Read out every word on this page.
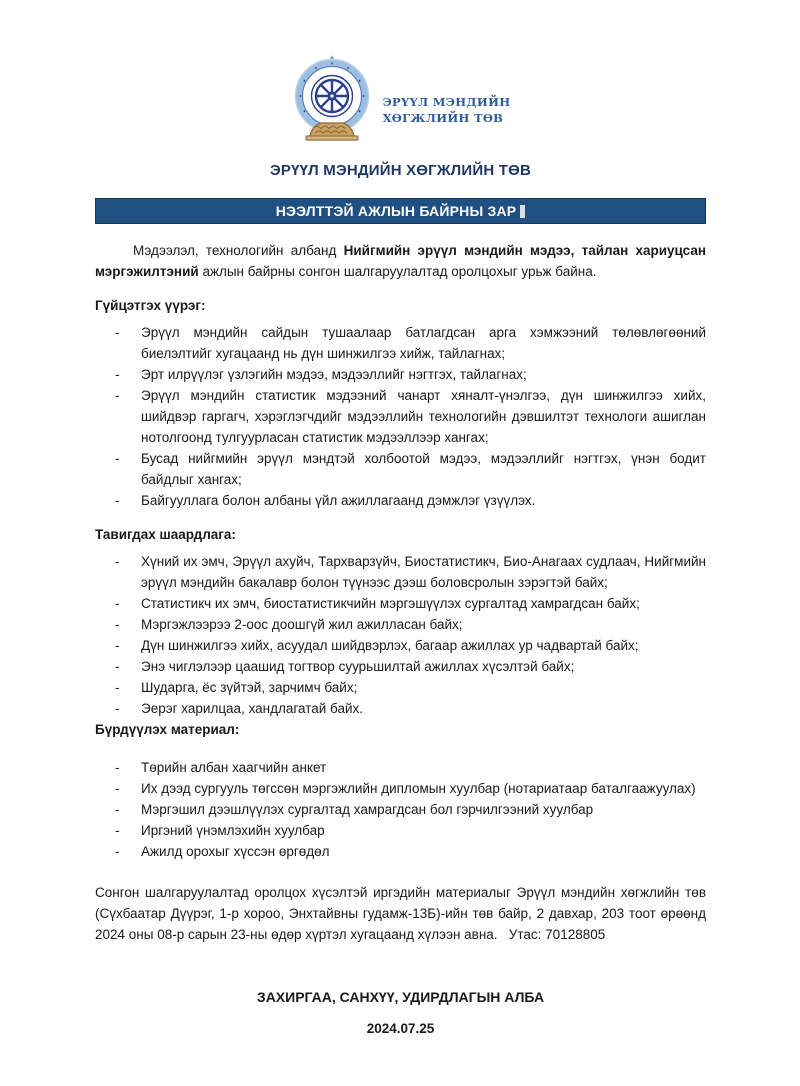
ЭРҮҮЛ МЭНДИЙН
ХӨГЖЛИЙН ТӨВ
ЭРҮҮЛ МЭНДИЙН ХӨГЖЛИЙН ТӨВ
НЭЭЛТТЭЙ АЖЛЫН БАЙРНЫ ЗАР

Мэдээлэл, технологийн албанд Нийгмийн эрүүл мэндийн мэдээ, тайлан хариуцсан мэргэжилтэний ажлын байрны сонгон шалгаруулалтад оролцохыг урьж байна.

Гүйцэтгэх үүрэг:
-	Эрүүл мэндийн сайдын тушаалаар батлагдсан арга хэмжээний төлөвлөгөөний биелэлтийг хугацаанд нь дүн шинжилгээ хийж, тайлагнах;
-	Эрт илрүүлэг үзлэгийн мэдээ, мэдээллийг нэгтгэх, тайлагнах;
-	Эрүүл мэндийн статистик мэдээний чанарт хяналт-үнэлгээ, дүн шинжилгээ хийх, шийдвэр гаргагч, хэрэглэгчдийг мэдээллийн технологийн дэвшилтэт технологи ашиглан нотолгоонд тулгуурласан статистик мэдээллээр хангах;
-	Бусад нийгмийн эрүүл мэндтэй холбоотой мэдээ, мэдээллийг нэгтгэх, үнэн бодит байдлыг хангах;
-	Байгууллага болон албаны үйл ажиллагаанд дэмжлэг үзүүлэх.
Тавигдах шаардлага:
-	Хүний их эмч, Эрүүл ахуйч, Тархварзүйч, Биостатистикч, Био-Анагаах судлаач, Нийгмийн эрүүл мэндийн бакалавр болон түүнээс дээш боловсролын зэрэгтэй байх;
-	Статистикч их эмч, биостатистикчийн мэргэшүүлэх сургалтад хамрагдсан байх;
-	Мэргэжлээрээ 2-оос доошгүй жил ажилласан байх;
-	Дүн шинжилгээ хийх, асуудал шийдвэрлэх, багаар ажиллах ур чадвартай байх;
-	Энэ чиглэлээр цаашид тогтвор суурьшилтай ажиллах хүсэлтэй байх;
-	Шударга, ёс зүйтэй, зарчимч байх;
-	Эерэг харилцаа, хандлагатай байх.
Бүрдүүлэх материал:
-	Төрийн албан хаагчийн анкет
-	Их дээд сургууль төгссөн мэргэжлийн дипломын хуулбар (нотариатаар баталгаажуулах)
-	Мэргэшил дээшлүүлэх сургалтад хамрагдсан бол гэрчилгээний хуулбар
-	Иргэний үнэмлэхийн хуулбар
-	Ажилд орохыг хүссэн өргөдөл

Сонгон шалгаруулалтад оролцох хүсэлтэй иргэдийн материалыг Эрүүл мэндийн хөгжлийн төв (Сүхбаатар Дүүрэг, 1-р хороо, Энхтайвны гудамж-13Б)-ийн төв байр, 2 давхар, 203 тоот өрөөнд 2024 оны 08-р сарын 23-ны өдөр хүртэл хугацаанд хүлээн авна.   Утас: 70128805

ЗАХИРГАА, САНХҮҮ, УДИРДЛАГЫН АЛБА

2024.07.25
